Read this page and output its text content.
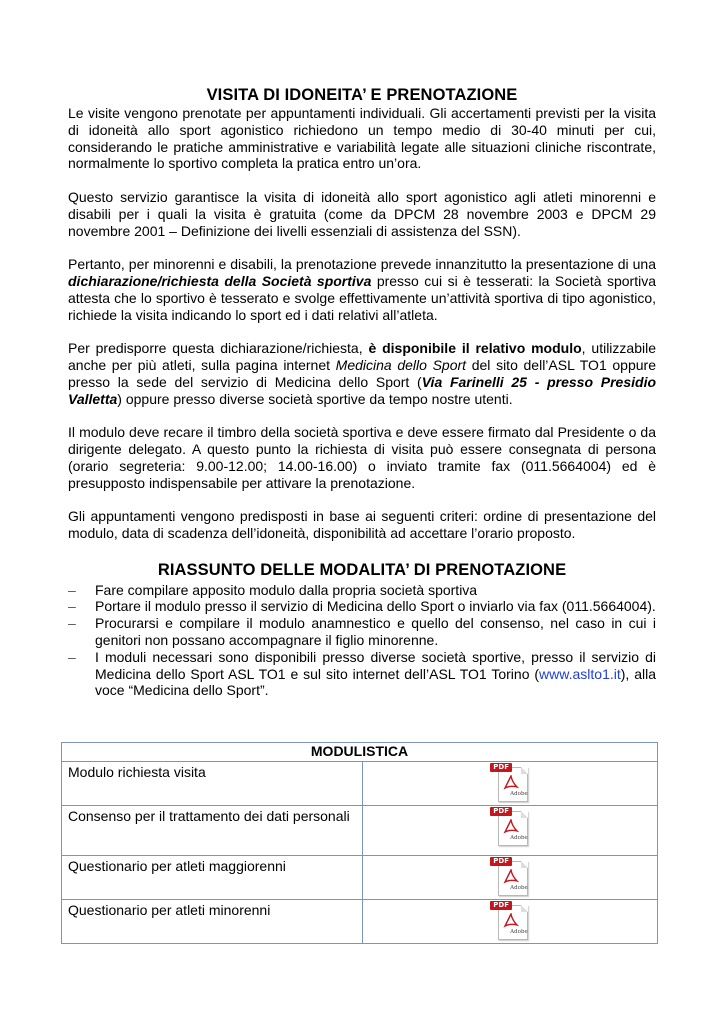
VISITA DI IDONEITA’ E PRENOTAZIONE

Le visite vengono prenotate per appuntamenti individuali. Gli accertamenti previsti per la visita di idoneità allo sport agonistico richiedono un tempo medio di 30-40 minuti per cui, considerando le pratiche amministrative e variabilità legate alle situazioni cliniche riscontrate, normalmente lo sportivo completa la pratica entro un’ora.

Questo servizio garantisce la visita di idoneità allo sport agonistico agli atleti minorenni e disabili per i quali la visita è gratuita (come da DPCM 28 novembre 2003 e DPCM 29 novembre 2001 – Definizione dei livelli essenziali di assistenza del SSN).

Pertanto, per minorenni e disabili, la prenotazione prevede innanzitutto la presentazione di una dichiarazione/richiesta della Società sportiva presso cui si è tesserati: la Società sportiva attesta che lo sportivo è tesserato e svolge effettivamente un’attività sportiva di tipo agonistico, richiede la visita indicando lo sport ed i dati relativi all’atleta.

Per predisporre questa dichiarazione/richiesta, è disponibile il relativo modulo, utilizzabile anche per più atleti, sulla pagina internet Medicina dello Sport del sito dell’ASL TO1 oppure presso la sede del servizio di Medicina dello Sport (Via Farinelli 25 - presso Presidio Valletta) oppure presso diverse società sportive da tempo nostre utenti.

Il modulo deve recare il timbro della società sportiva e deve essere firmato dal Presidente o da dirigente delegato. A questo punto la richiesta di visita può essere consegnata di persona (orario segreteria: 9.00-12.00; 14.00-16.00) o inviato tramite fax (011.5664004) ed è presupposto indispensabile per attivare la prenotazione.

Gli appuntamenti vengono predisposti in base ai seguenti criteri: ordine di presentazione del modulo, data di scadenza dell’idoneità, disponibilità ad accettare l’orario proposto.

RIASSUNTO DELLE MODALITA’ DI PRENOTAZIONE
–	Fare compilare apposito modulo dalla propria società sportiva
–	Portare il modulo presso il servizio di Medicina dello Sport o inviarlo via fax (011.5664004).
–	Procurarsi e compilare il modulo anamnestico e quello del consenso, nel caso in cui i genitori non possano accompagnare il figlio minorenne.
–	I moduli necessari sono disponibili presso diverse società sportive, presso il servizio di Medicina dello Sport ASL TO1 e sul sito internet dell’ASL TO1 Torino (www.aslto1.it), alla voce “Medicina dello Sport”.
MODULISTICA	
Modulo richiesta visita	PDF
Adobe

Consenso per il trattamento dei dati personali	PDF
Adobe

Questionario per atleti maggiorenni	PDF
Adobe

Questionario per atleti minorenni	PDF
Adobe
